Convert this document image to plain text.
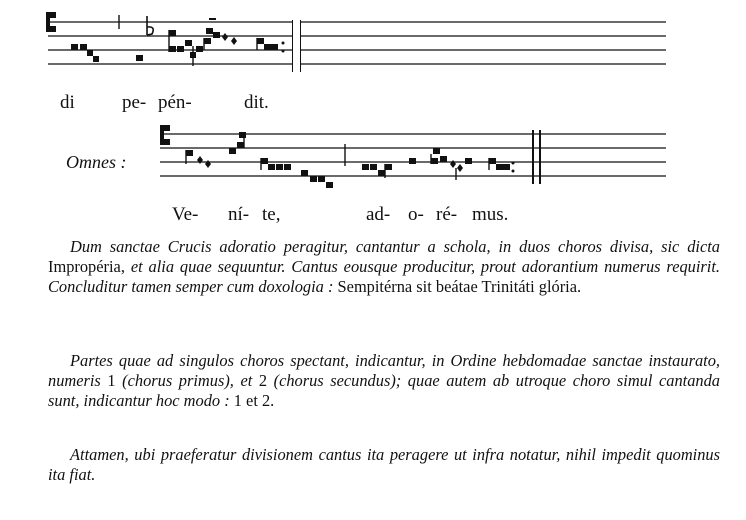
di pe- pén-	dit.
Omnes :
Ve- ní- te,	ad- o- ré- mus.

Dum sanctae Crucis adoratio peragitur, cantantur a schola, in duos choros divisa, sic dicta Impropéria, et alia quae sequuntur. Cantus eousque producitur, prout adorantium numerus requirit. Concluditur tamen semper cum doxologia : Sempitérna sit beátae Trinitáti glória.

Partes quae ad singulos choros spectant, indicantur, in Ordine hebdomadae sanctae instaurato, numeris 1 (chorus primus), et 2 (chorus secundus); quae autem ab utroque choro simul cantanda sunt, indicantur hoc modo : 1 et 2.

Attamen, ubi praeferatur divisionem cantus ita peragere ut infra notatur, nihil impedit quominus ita fiat.
